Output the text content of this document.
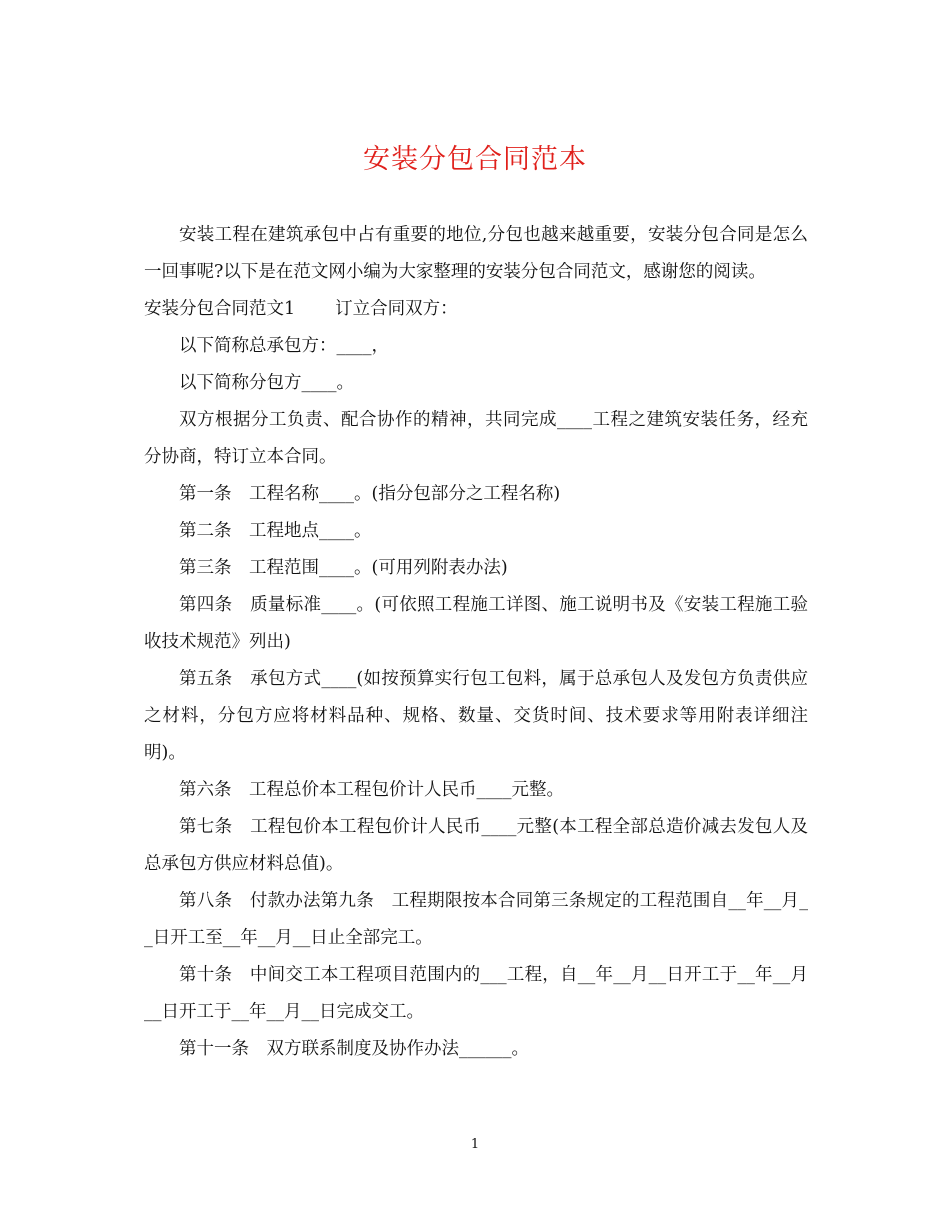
安装分包合同范本

安装工程在建筑承包中占有重要的地位,分包也越来越重要，安装分包合同是怎么一回事呢?以下是在范文网小编为大家整理的安装分包合同范文，感谢您的阅读。

安装分包合同范文1 订立合同双方：

以下简称总承包方：____，

以下简称分包方____。

双方根据分工负责、配合协作的精神，共同完成____工程之建筑安装任务，经充分协商，特订立本合同。

第一条　工程名称____。(指分包部分之工程名称)

第二条　工程地点____。

第三条　工程范围____。(可用列附表办法)

第四条　质量标准____。(可依照工程施工详图、施工说明书及《安装工程施工验收技术规范》列出)

第五条　承包方式____(如按预算实行包工包料，属于总承包人及发包方负责供应之材料，分包方应将材料品种、规格、数量、交货时间、技术要求等用附表详细注明)。

第六条　工程总价本工程包价计人民币____元整。

第七条　工程包价本工程包价计人民币____元整(本工程全部总造价减去发包人及总承包方供应材料总值)。

第八条　付款办法第九条　工程期限按本合同第三条规定的工程范围自__年__月__日开工至__年__月__日止全部完工。

第十条　中间交工本工程项目范围内的___工程，自__年__月__日开工于__年__月__日开工于__年__月__日完成交工。

第十一条　双方联系制度及协作办法______。

1
